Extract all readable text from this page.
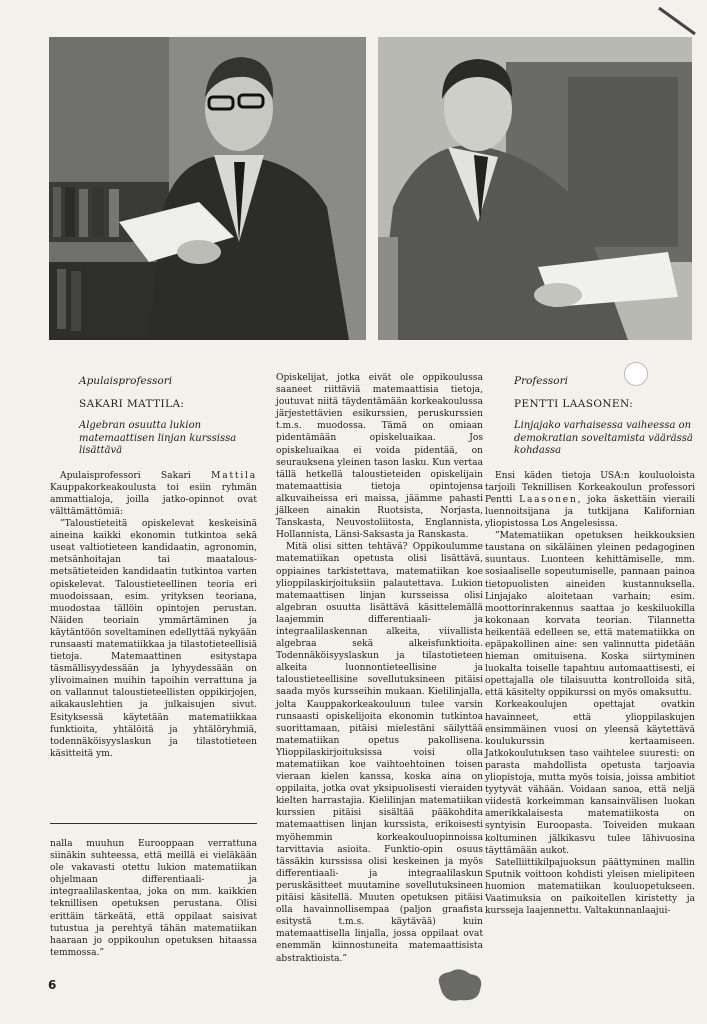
Apulaisprofessori
SAKARI MATTILA:
Algebran osuutta lukion matemaattisen linjan kurssissa lisättävä

Apulaisprofessori Sakari Mattila Kauppakorkeakoulusta toi esiin ryhmän ammattialoja, joilla jatko-opinnot ovat välttämättömiä:

”Taloustieteitä opiskelevat keskeisinä aineina kaikki ekonomin tutkintoa sekä useat valtiotieteen kandidaatin, agronomin, metsänhoitajan tai maatalous-metsätieteiden kandidaatin tutkintoa varten opiskelevat. Taloustieteellinen teoria eri muodoissaan, esim. yrityksen teoriana, muodostaa tällöin opintojen perustan. Näiden teoriain ymmärtäminen ja käytäntöön soveltaminen edellyttää nykyään runsaasti matematiikkaa ja tilastotieteellisiä tietoja. Matemaattinen esitystapa täsmällisyydessään ja lyhyydessään on ylivoimainen muihin tapoihin verrattuna ja on vallannut taloustieteellisten oppikirjojen, aikakauslehtien ja julkaisujen sivut. Esityksessä käytetään matematiikkaa funktioita, yhtälöitä ja yhtälöryhmiä, todennäköisyyslaskun ja tilastotieteen käsitteitä ym.

Opiskelijat, jotka eivät ole oppikoulussa saaneet riittäviä matemaattisia tietoja, joutuvat niitä täydentämään korkeakoulussa järjestettävien esikurssien, peruskurssien t.m.s. muodossa. Tämä on omiaan pidentämään opiskeluaikaa. Jos opiskeluaikaa ei voida pidentää, on seurauksena yleinen tason lasku. Kun vertaa tällä hetkellä taloustieteiden opiskelijain matemaattisia tietoja opintojensa alkuvaiheissa eri maissa, jäämme pahasti jälkeen ainakin Ruotsista, Norjasta, Tanskasta, Neuvostoliitosta, Englannista, Hollannista, Länsi-Saksasta ja Ranskasta.

Mitä olisi sitten tehtävä? Oppikoulumme matematiikan opetusta olisi lisättävä, oppiaines tarkistettava, matematiikan koe ylioppilaskirjoituksiin palautettava. Lukion matemaattisen linjan kursseissa olisi algebran osuutta lisättävä käsittelemällä laajemmin differentiaali- ja integraalilaskennan alkeita, viivallista algebraa sekä alkeisfunktioita. Todennäköisyyslaskun ja tilastotieteen alkeita luonnontieteellisine ja taloustieteellisine sovellutuksineen pitäisi saada myös kursseihin mukaan. Kielilinjalla, jolta Kauppakorkeakouluun tulee varsin runsaasti opiskelijoita ekonomin tutkintoa suorittamaan, pitäisi mielestäni säilyttää matematiikan opetus pakollisena. Ylioppilaskirjoituksissa voisi olla matematiikan koe vaihtoehtoinen toisen vieraan kielen kanssa, koska aina on oppilaita, jotka ovat yksipuolisesti vieraiden kielten harrastajia. Kielilinjan matematiikan kurssien pitäisi sisältää pääkohdita matemaattisen linjan kurssista, erikoisesti myöhemmin korkeakouluopinnoissa tarvittavia asioita. Funktio-opin osuus tässäkin kurssissa olisi keskeinen ja myös differentiaali- ja integraalilaskun peruskäsitteet muutamine sovellutuksineen pitäisi käsitellä. Muuten opetuksen pitäisi olla havainnollisempaa (paljon graafista esitystä t.m.s. käytävää) kuin matemaattisella linjalla, jossa oppilaat ovat enemmän kiinnostuneita matemaattisista abstraktioista.”

Professori
PENTTI LAASONEN:
Linjajako varhaisessa vaiheessa on demokratian soveltamista väärässä kohdassa

Ensi käden tietoja USA:n kouluoloista tarjoili Teknillisen Korkeakoulun professori Pentti Laasonen, joka äskettäin vieraili luennoitsijana ja tutkijana Kalifornian yliopistossa Los Angelesissa.

”Matematiikan opetuksen heikkouksien taustana on sikäläinen yleinen pedagoginen suuntaus. Luonteen kehittämiselle, mm. sosiaaliselle sopeutumiselle, pannaan painoa tietopuolisten aineiden kustannuksella. Linjajako aloitetaan varhain; esim. moottorinrakennus saattaa jo keskiluokilla kokonaan korvata teorian. Tilannetta heikentää edelleen se, että matematiikka on epäpakollinen aine: sen valinnutta pidetään hieman omituisena. Koska siirtyminen luokalta toiselle tapahtuu automaattisesti, ei opettajalla ole tilaisuutta kontrolloida sitä, että käsitelty oppikurssi on myös omaksuttu.

Korkeakoulujen opettajat ovatkin havainneet, että ylioppilaskujen ensimmäinen vuosi on yleensä käytettävä koulukurssin kertaamiseen. Jatkokoulutuksen taso vaihtelee suuresti: on parasta mahdollista opetusta tarjoavia yliopistoja, mutta myös toisia, joissa ambitiot tyytyvät vähään. Voidaan sanoa, että neljä viidestä korkeimman kansainvälisen luokan amerikkalaisesta matematiikosta on syntyisin Euroopasta. Toiveiden mukaan koltuminen jälkikasvu tulee lähivuosina täyttämään aukot.

Satelliittikilpajuoksun päättyminen mallin Sputnik voittoon kohdisti yleisen mielipiteen huomion matematiikan kouluopetukseen. Vaatimuksia on paikoitellen kiristetty ja kursseja laajennettu. Valtakunnanlaajui-

nalla muuhun Eurooppaan verrattuna siinäkin suhteessa, että meillä ei vieläkään ole vakavasti otettu lukion matematiikan ohjelmaan differentiaali- ja integraalilaskentaa, joka on mm. kaikkien teknillisen opetuksen perustana. Olisi erittäin tärkeätä, että oppilaat saisivat tutustua ja perehtyä tähän matematiikan haaraan jo oppikoulun opetuksen hitaassa temmossa.”

6
